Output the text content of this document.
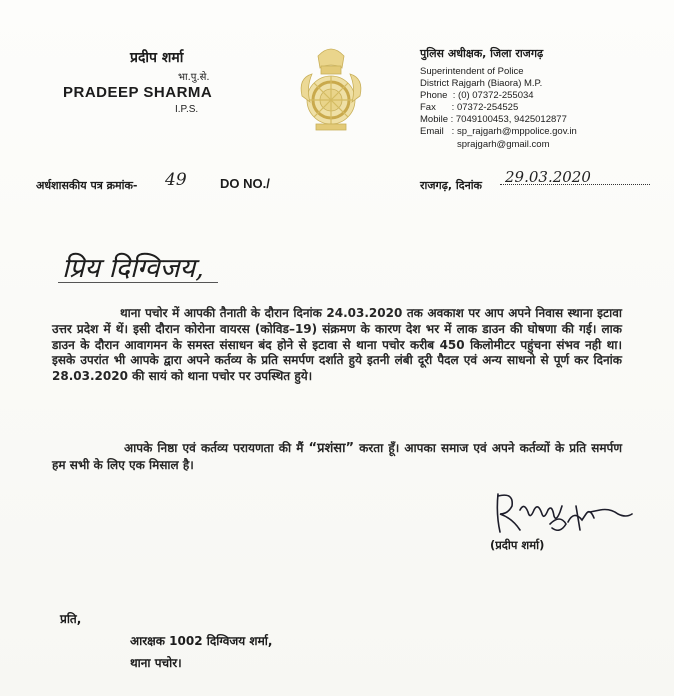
प्रदीप शर्मा
भा.पु.से.
PRADEEP SHARMA
I.P.S.
पुलिस अधीक्षक, जिला राजगढ़
Superintendent of Police
District Rajgarh (Biaora) M.P.
Phone  : (0) 07372-255034
Fax      : 07372-254525
Mobile : 7049100453, 9425012877
Email   : sp_rajgarh@mppolice.gov.in
sprajgarh@gmail.com
अर्धशासकीय पत्र क्रमांक- 49	DO NO./	राजगढ़, दिनांक 29.03.2020
प्रिय दिग्विजय,
थाना पचोर में आपकी तैनाती के दौरान दिनांक 24.03.2020 तक अवकाश पर आप अपने निवास स्थाना इटावा उत्तर प्रदेश में थें। इसी दौरान कोरोना वायरस (कोविड–19) संक्रमण के कारण देश भर में लाक डाउन की घोषणा की गई। लाक डाउन के दौरान आवागमन के समस्त संसाधन बंद होने से इटावा से थाना पचोर करीब 450 किलोमीटर पहुंचना संभव नही था। इसके उपरांत भी आपके द्वारा अपने कर्तव्य के प्रति समर्पण दर्शाते हुये इतनी लंबी दूरी पैदल एवं अन्य साधनो से पूर्ण कर दिनांक 28.03.2020 की सायं को थाना पचोर पर उपस्थित हुये।
आपके निष्ठा एवं कर्तव्य परायणता की मैं “प्रशंसा” करता हूँ। आपका समाज एवं अपने कर्तव्यों के प्रति समर्पण हम सभी के लिए एक मिसाल है।
(प्रदीप शर्मा)
प्रति,
आरक्षक 1002 दिग्विजय शर्मा,
थाना पचोर।
